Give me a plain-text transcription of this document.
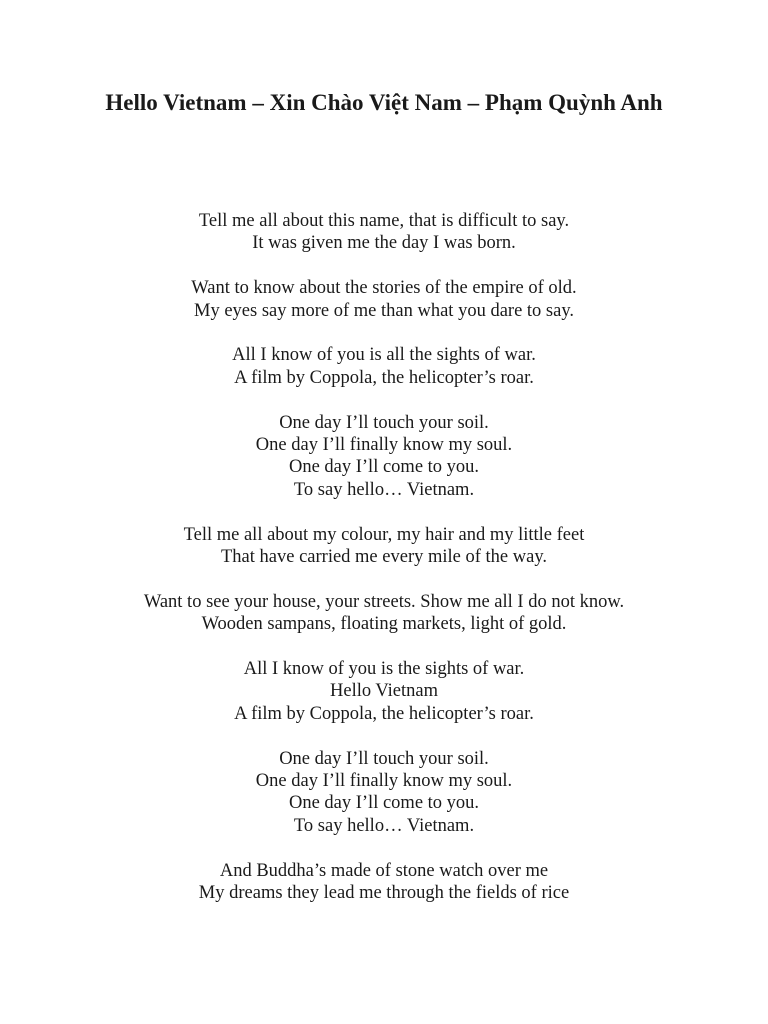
Hello Vietnam – Xin Chào Việt Nam – Phạm Quỳnh Anh

Tell me all about this name, that is difficult to say.
It was given me the day I was born.

Want to know about the stories of the empire of old.
My eyes say more of me than what you dare to say.

All I know of you is all the sights of war.
A film by Coppola, the helicopter’s roar.

One day I’ll touch your soil.
One day I’ll finally know my soul.
One day I’ll come to you.
To say hello… Vietnam.

Tell me all about my colour, my hair and my little feet
That have carried me every mile of the way.

Want to see your house, your streets. Show me all I do not know.
Wooden sampans, floating markets, light of gold.

All I know of you is the sights of war.
Hello Vietnam
A film by Coppola, the helicopter’s roar.

One day I’ll touch your soil.
One day I’ll finally know my soul.
One day I’ll come to you.
To say hello… Vietnam.

And Buddha’s made of stone watch over me
My dreams they lead me through the fields of rice
